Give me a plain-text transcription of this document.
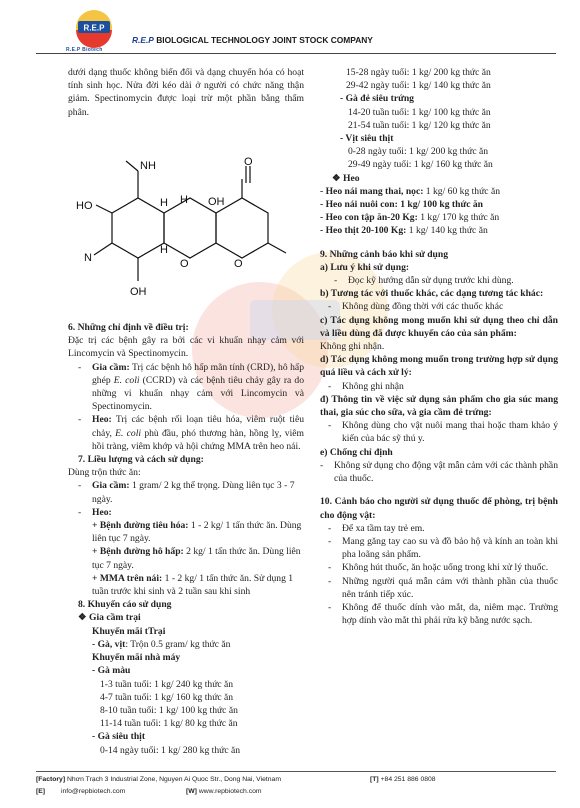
R.E.P
R.E.P Biotech
R.E.P BIOLOGICAL TECHNOLOGY JOINT STOCK COMPANY

dưới dạng thuốc không biến đổi và dạng chuyển hóa có hoạt tính sinh học. Nửa đời kéo dài ở người có chức năng thận giảm. Spectinomycin được loại trừ một phần bằng thẩm phân.

NH
HO	H	OH
O
H
N	O	O
OH
H

6. Những chỉ định về điều trị:

Đặc trị các bệnh gây ra bởi các vi khuẩn nhạy cảm với Lincomycin và Spectinomycin.

-	Gia cầm: Trị các bệnh hô hấp mãn tính (CRD), hô hấp ghép E. coli (CCRD) và các bệnh tiêu chảy gây ra do những vi khuẩn nhạy cảm với Lincomycin và Spectinomycin.
-	Heo: Trị các bệnh rối loạn tiêu hóa, viêm ruột tiêu chảy, E. coli phù đầu, phó thương hàn, hồng lỵ, viêm hồi tràng, viêm khớp và hội chứng MMA trên heo nái.

7. Liều lượng và cách sử dụng:

Dùng trộn thức ăn:

-	Gia cầm: 1 gram/ 2 kg thể trọng. Dùng liên tục 3 - 7 ngày.
-	Heo:

+ Bệnh đường tiêu hóa: 1 - 2 kg/ 1 tấn thức ăn. Dùng liên tục 7 ngày.

+ Bệnh đường hô hấp: 2 kg/ 1 tấn thức ăn. Dùng liên tục 7 ngày.

+ MMA trên nái: 1 - 2 kg/ 1 tấn thức ăn. Sử dụng 1 tuần trước khi sinh và 2 tuần sau khi sinh

8. Khuyến cáo sử dụng

❖ Gia cầm trại

Khuyến mãi tTrại

- Gà, vịt: Trộn 0.5 gram/ kg thức ăn

Khuyến mãi nhà máy

- Gà màu

1-3 tuần tuổi: 1 kg/ 240 kg thức ăn

4-7 tuần tuổi: 1 kg/ 160 kg thức ăn

8-10 tuần tuổi: 1 kg/ 100 kg thức ăn

11-14 tuần tuổi: 1 kg/ 80 kg thức ăn

- Gà siêu thịt

0-14 ngày tuổi: 1 kg/ 280 kg thức ăn

15-28 ngày tuổi: 1 kg/ 200 kg thức ăn

29-42 ngày tuổi: 1 kg/ 140 kg thức ăn

- Gà đẻ siêu trứng

14-20 tuần tuổi: 1 kg/ 100 kg thức ăn

21-54 tuần tuổi: 1 kg/ 120 kg thức ăn

- Vịt siêu thịt

0-28 ngày tuổi: 1 kg/ 200 kg thức ăn

29-49 ngày tuổi: 1 kg/ 160 kg thức ăn

❖ Heo

- Heo nái mang thai, nọc: 1 kg/ 60 kg thức ăn

- Heo nái nuôi con: 1 kg/ 100 kg thức ăn

- Heo con tập ăn-20 Kg: 1 kg/ 170 kg thức ăn

- Heo thịt 20-100 Kg: 1 kg/ 140 kg thức ăn

9. Những cảnh báo khi sử dụng

a) Lưu ý khi sử dụng:

-	Đọc kỹ hướng dẫn sử dụng trước khi dùng.

b) Tương tác với thuốc khác, các dạng tương tác khác:

-	Không dùng đồng thời với các thuốc khác

c) Tác dụng không mong muốn khi sử dụng theo chỉ dẫn và liều dùng đã được khuyến cáo của sản phẩm:

Không ghi nhận.

d) Tác dụng không mong muốn trong trường hợp sử dụng quá liều và cách xử lý:

-	Không ghi nhận

đ) Thông tin về việc sử dụng sản phẩm cho gia súc mang thai, gia súc cho sữa, và gia cầm đẻ trứng:

-	Không dùng cho vật nuôi mang thai hoặc tham khảo ý kiến của bác sỹ thú y.

e) Chống chỉ định

-	Không sử dụng cho động vật mẫn cảm với các thành phần của thuốc.

10. Cảnh báo cho người sử dụng thuốc để phòng, trị bệnh cho động vật:

-	Để xa tầm tay trẻ em.
-	Mang găng tay cao su và đồ bảo hộ và kính an toàn khi pha loãng sản phẩm.
-	Không hút thuốc, ăn hoặc uống trong khi xử lý thuốc.
-	Những người quá mẫn cảm với thành phần của thuốc nên tránh tiếp xúc.
-	Không để thuốc dính vào mắt, da, niêm mạc. Trường hợp dính vào mắt thì phải rửa kỹ bằng nước sạch.
[Factory] Nhơn Trạch 3 Industrial Zone, Nguyen Ai Quoc Str., Dong Nai, Vietnam	[T] +84 251 886 0808
[E] info@repbiotech.com	[W] www.repbiotech.com
